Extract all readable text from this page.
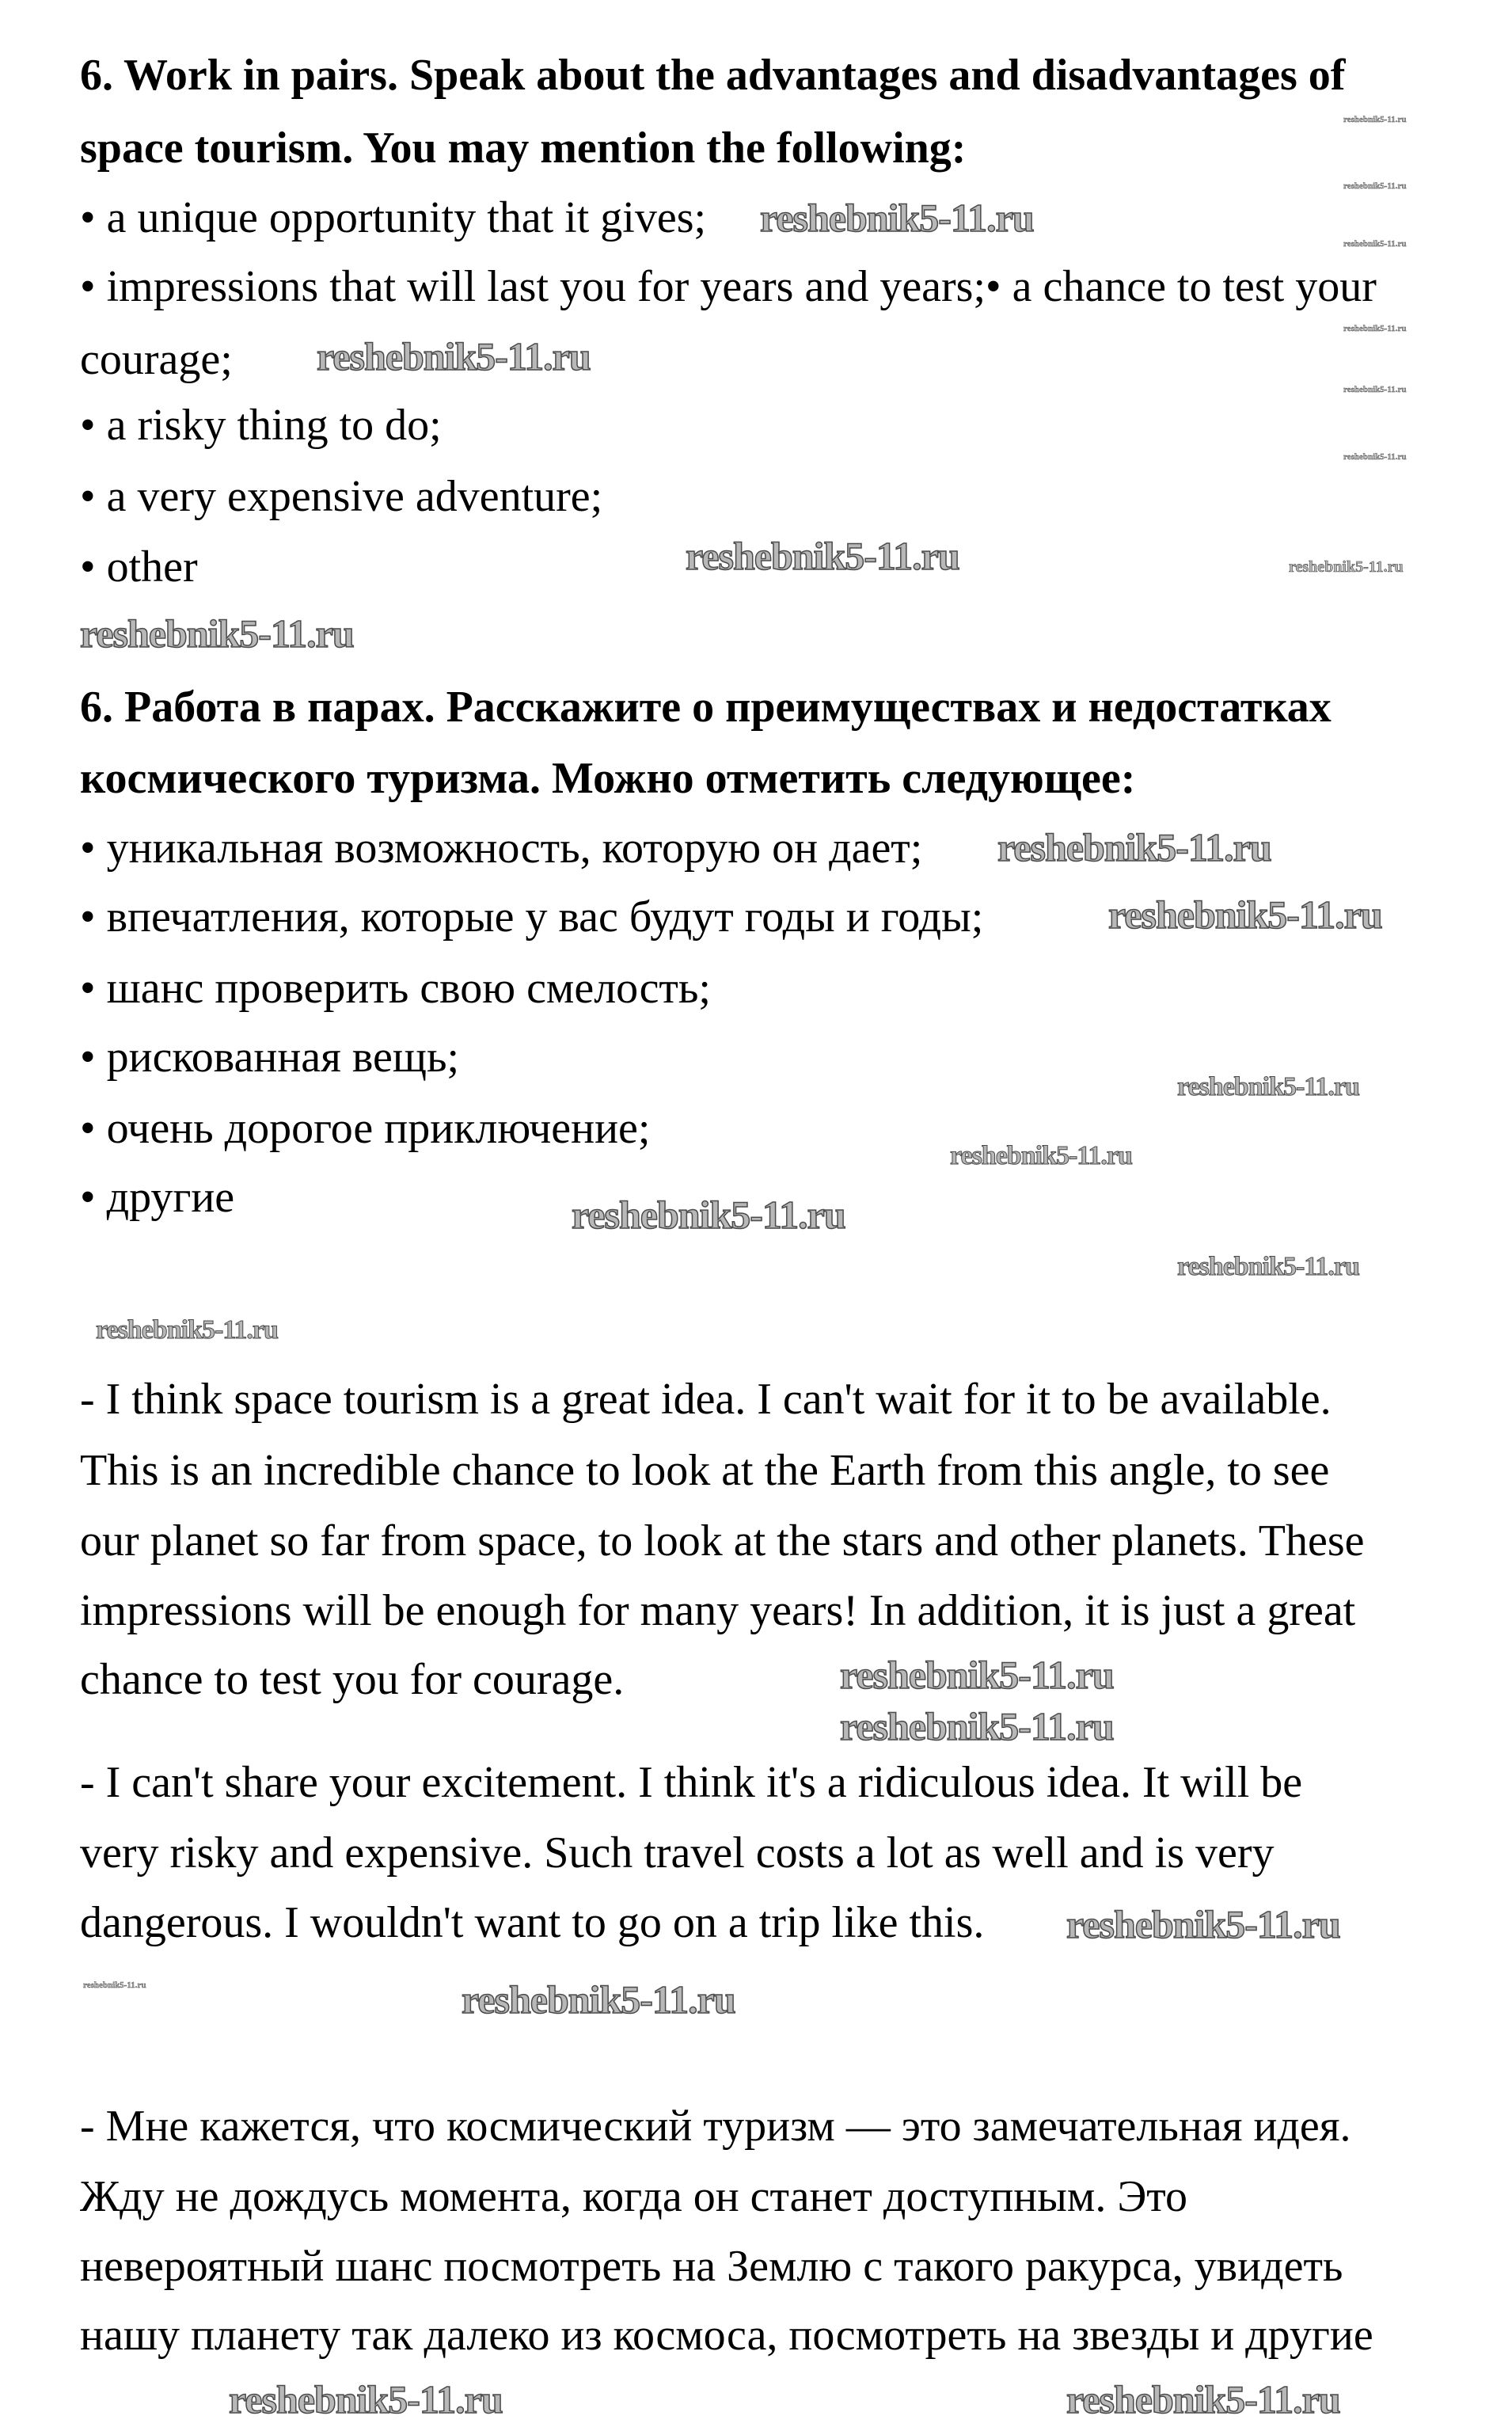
6. Work in pairs. Speak about the advantages and disadvantages of
space tourism. You may mention the following:
• a unique opportunity that it gives;
• impressions that will last you for years and years;• a chance to test your
courage;
• a risky thing to do;
• a very expensive adventure;
• other
6. Работа в парах. Расскажите о преимуществах и недостатках
космического туризма. Можно отметить следующее:
• уникальная возможность, которую он дает;
• впечатления, которые у вас будут годы и годы;
• шанс проверить свою смелость;
• рискованная вещь;
• очень дорогое приключение;
• другие
- I think space tourism is a great idea. I can't wait for it to be available.
This is an incredible chance to look at the Earth from this angle, to see
our planet so far from space, to look at the stars and other planets. These
impressions will be enough for many years! In addition, it is just a great
chance to test you for courage.
- I can't share your excitement. I think it's a ridiculous idea. It will be
very risky and expensive. Such travel costs a lot as well and is very
dangerous. I wouldn't want to go on a trip like this.
- Мне кажется, что космический туризм — это замечательная идея.
Жду не дождусь момента, когда он станет доступным. Это
невероятный шанс посмотреть на Землю с такого ракурса, увидеть
нашу планету так далеко из космоса, посмотреть на звезды и другие
reshebnik5-11.ru
reshebnik5-11.ru
reshebnik5-11.ru
reshebnik5-11.ru
reshebnik5-11.ru
reshebnik5-11.ru
reshebnik5-11.ru
reshebnik5-11.ru
reshebnik5-11.ru
reshebnik5-11.ru
reshebnik5-11.ru
reshebnik5-11.ru
reshebnik5-11.ru
reshebnik5-11.ru
reshebnik5-11.ru
reshebnik5-11.ru
reshebnik5-11.ru
reshebnik5-11.ru
reshebnik5-11.ru
reshebnik5-11.ru
reshebnik5-11.ru
reshebnik5-11.ru
reshebnik5-11.ru
reshebnik5-11.ru
reshebnik5-11.ru
